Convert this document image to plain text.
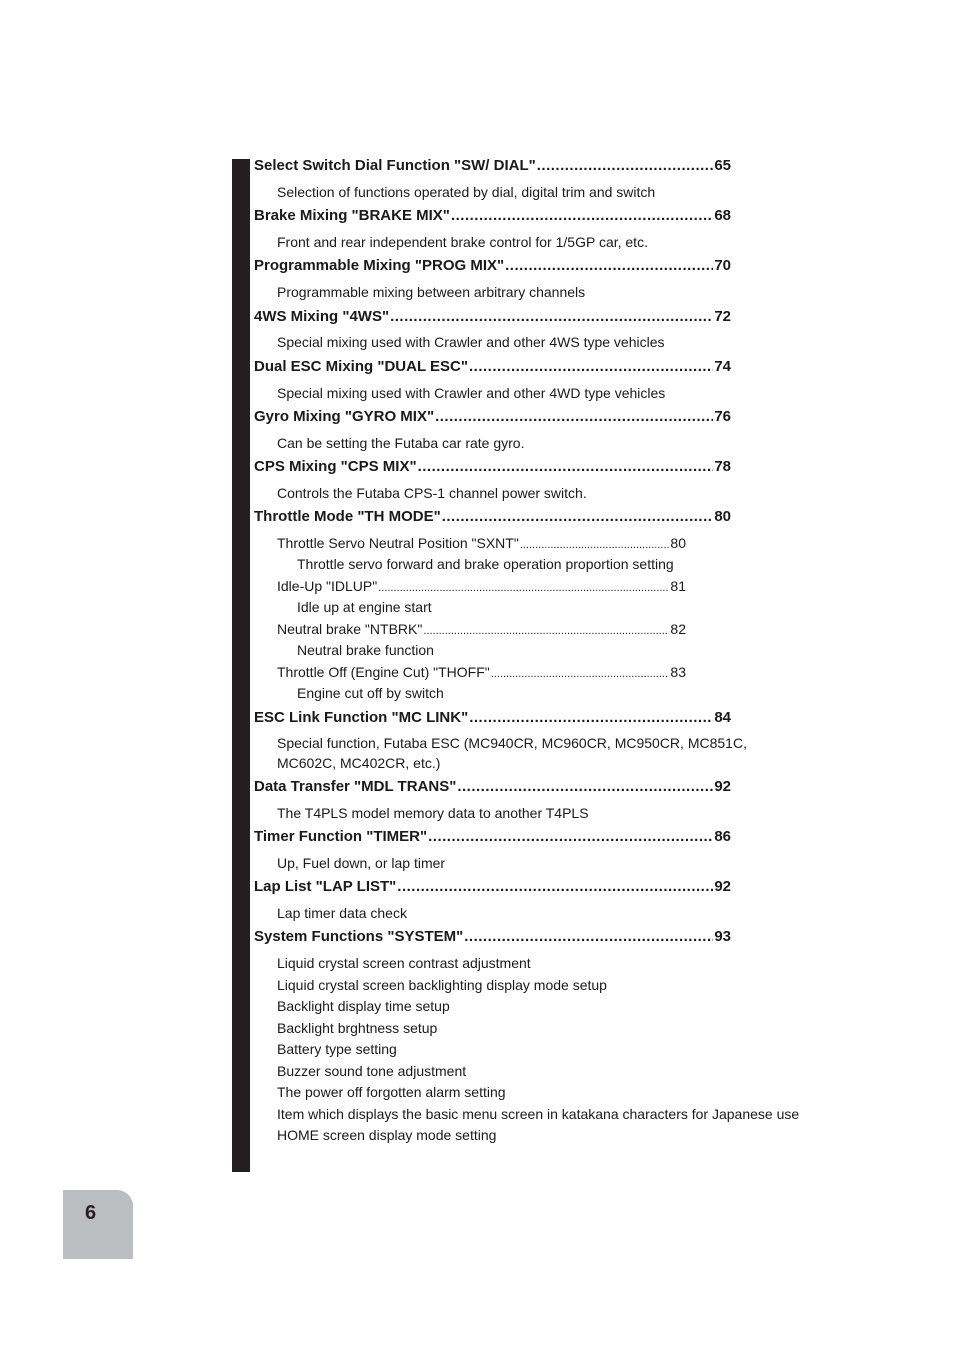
Select Switch Dial Function "SW/ DIAL" .....	65
Selection of functions operated by dial, digital trim and switch
Brake Mixing "BRAKE MIX" .....	68
Front and rear independent brake control for 1/5GP car, etc.
Programmable Mixing "PROG MIX" .....	70
Programmable mixing between arbitrary channels
4WS Mixing "4WS" .....	72
Special mixing used with Crawler and other 4WS type vehicles
Dual ESC Mixing "DUAL ESC" .....	74
Special mixing used with Crawler and other 4WD type vehicles
Gyro Mixing "GYRO MIX" .....	76
Can be setting the Futaba car rate gyro.
CPS Mixing "CPS MIX" .....	78
Controls the Futaba CPS-1 channel power switch.
Throttle Mode "TH MODE" .....	80
Throttle Servo Neutral Position "SXNT" .....	80
Throttle servo forward and brake operation proportion setting
Idle-Up "IDLUP" .....	81
Idle up at engine start
Neutral brake "NTBRK" .....	82
Neutral brake function
Throttle Off (Engine Cut) "THOFF" .....	83
Engine cut off by switch
ESC Link Function "MC LINK" .....	84
Special function, Futaba ESC (MC940CR, MC960CR, MC950CR, MC851C,
MC602C, MC402CR, etc.)
Data Transfer "MDL TRANS" .....	92
The T4PLS model memory data to another T4PLS
Timer Function "TIMER" .....	86
Up, Fuel down, or lap timer
Lap List "LAP LIST" .....	92
Lap timer data check
System Functions "SYSTEM" .....	93
Liquid crystal screen contrast adjustment
Liquid crystal screen backlighting display mode setup
Backlight display time setup
Backlight brghtness setup
Battery type setting
Buzzer sound tone adjustment
The power off forgotten alarm setting
Item which displays the basic menu screen in katakana characters for Japanese use
HOME screen display mode setting
6
